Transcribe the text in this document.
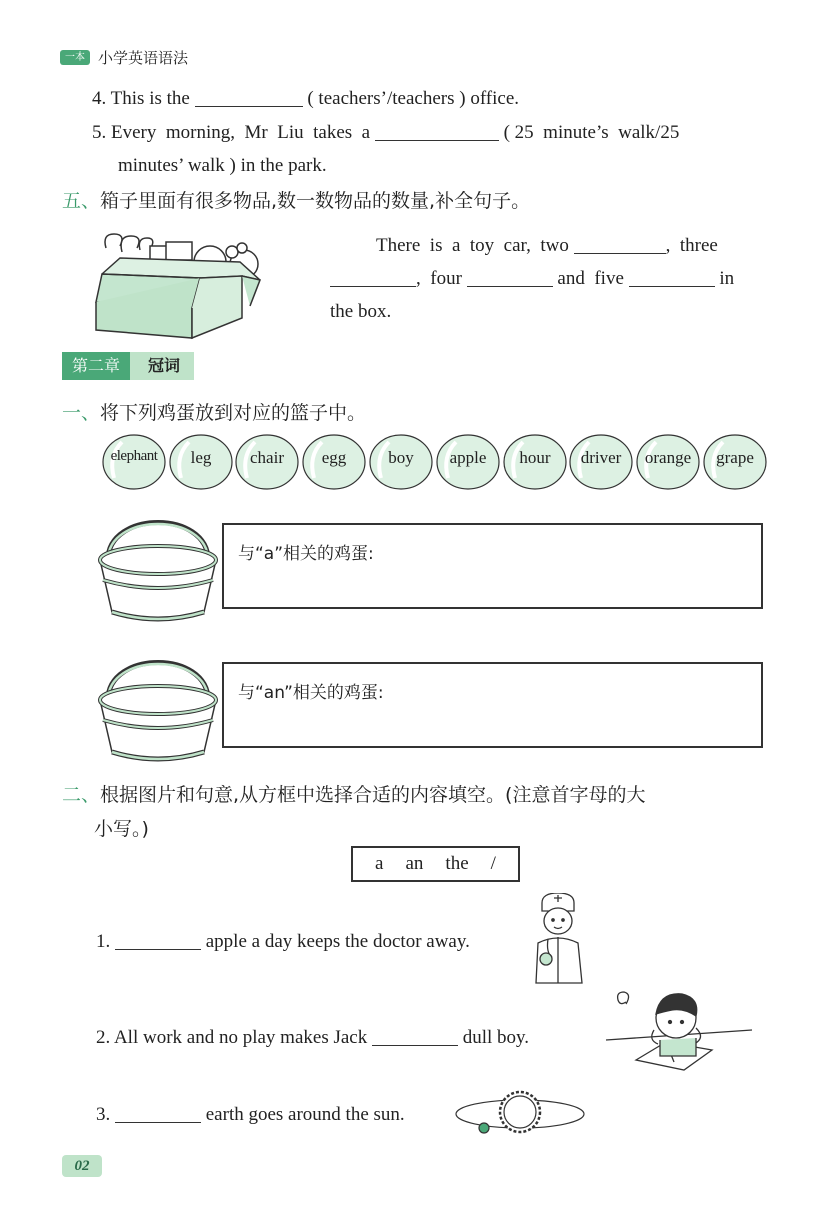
一本 小学英语语法
4. This is the	( teachers’/teachers ) office.
5. Every  morning,  Mr  Liu  takes  a	( 25  minute’s  walk/25
minutes’ walk ) in the park.
五、箱子里面有很多物品,数一数物品的数量,补全句子。
There  is  a  toy  car,  two	,  three
,  four	and  five	in
the box.
第二章	冠词
一、将下列鸡蛋放到对应的篮子中。
elephant	leg	chair	egg	boy	apple	hour	driver	orange	grape
与“a”相关的鸡蛋:
与“an”相关的鸡蛋:
二、根据图片和句意,从方框中选择合适的内容填空。(注意首字母的大
小写。)
a an the /
1.	apple a day keeps the doctor away.
2. All work and no play makes Jack	dull boy.
3.	earth goes around the sun.
02
